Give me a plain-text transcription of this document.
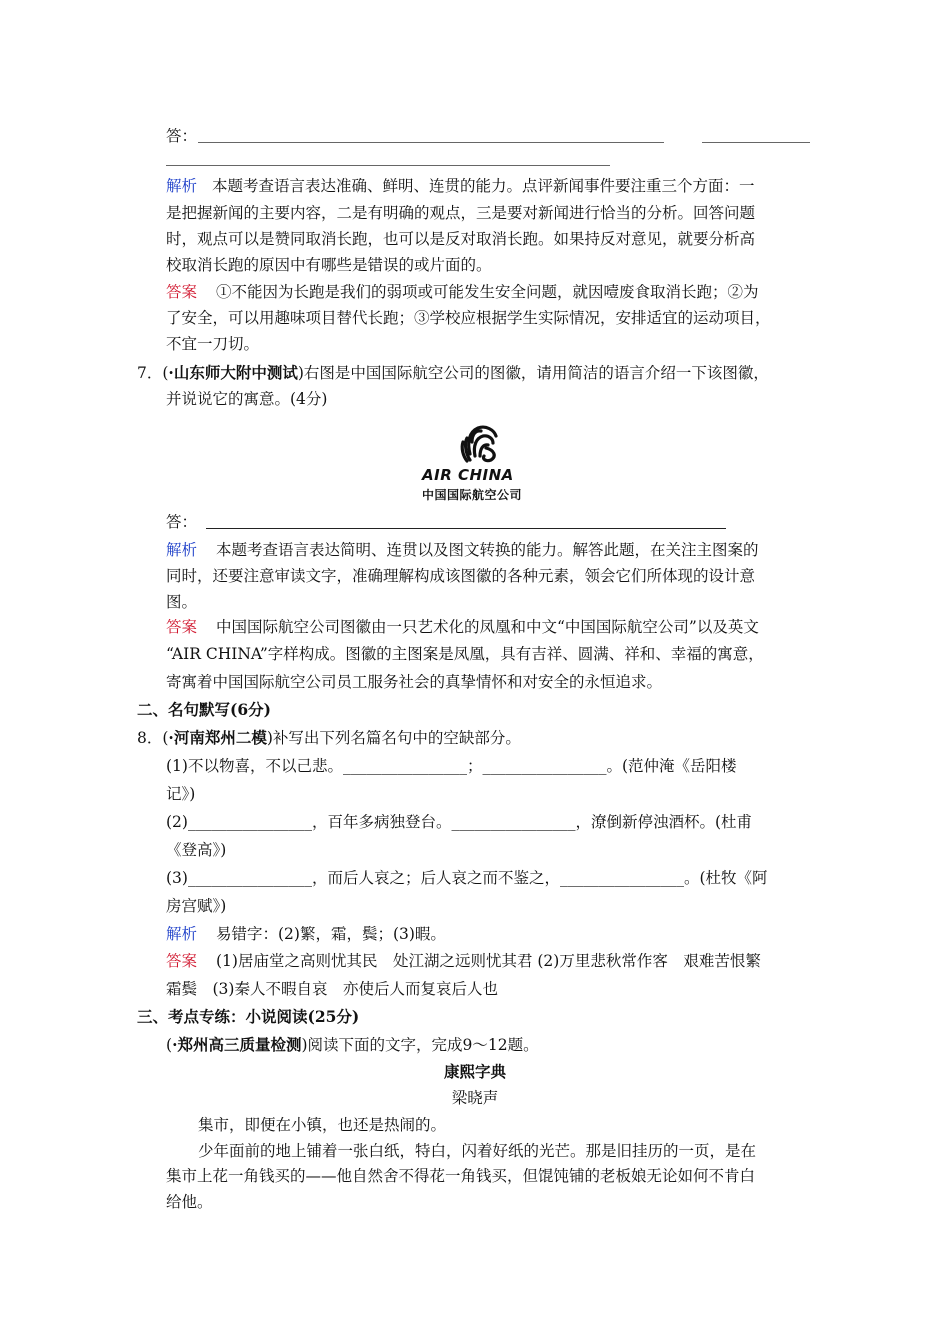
答：
解析 本题考查语言表达准确、鲜明、连贯的能力。点评新闻事件要注重三个方面：一
是把握新闻的主要内容，二是有明确的观点，三是要对新闻进行恰当的分析。回答问题
时，观点可以是赞同取消长跑，也可以是反对取消长跑。如果持反对意见，就要分析高
校取消长跑的原因中有哪些是错误的或片面的。
答案 ①不能因为长跑是我们的弱项或可能发生安全问题，就因噎废食取消长跑；②为
了安全，可以用趣味项目替代长跑；③学校应根据学生实际情况，安排适宜的运动项目，
不宜一刀切。
7．(·山东师大附中测试)右图是中国国际航空公司的图徽，请用简洁的语言介绍一下该图徽，
并说说它的寓意。(4分)
AIR CHINA
中国国际航空公司
答：
解析 本题考查语言表达简明、连贯以及图文转换的能力。解答此题，在关注主图案的
同时，还要注意审读文字，准确理解构成该图徽的各种元素，领会它们所体现的设计意
图。
答案 中国国际航空公司图徽由一只艺术化的凤凰和中文“中国国际航空公司”以及英文
“AIR CHINA”字样构成。图徽的主图案是凤凰，具有吉祥、圆满、祥和、幸福的寓意，
寄寓着中国国际航空公司员工服务社会的真挚情怀和对安全的永恒追求。
二、名句默写(6分)
8．(·河南郑州二模)补写出下列名篇名句中的空缺部分。
(1)不以物喜，不以己悲。________________；________________。(范仲淹《岳阳楼
记》)
(2)________________，百年多病独登台。________________，潦倒新停浊酒杯。(杜甫
《登高》)
(3)________________，而后人哀之；后人哀之而不鉴之，________________。(杜牧《阿
房宫赋》)
解析 易错字：(2)繁，霜，鬓；(3)暇。
答案 (1)居庙堂之高则忧其民　处江湖之远则忧其君 (2)万里悲秋常作客　艰难苦恨繁
霜鬓　(3)秦人不暇自哀　亦使后人而复哀后人也
三、考点专练：小说阅读(25分)
(·郑州高三质量检测)阅读下面的文字，完成9～12题。
康熙字典
梁晓声
集市，即便在小镇，也还是热闹的。
少年面前的地上铺着一张白纸，特白，闪着好纸的光芒。那是旧挂历的一页，是在
集市上花一角钱买的——他自然舍不得花一角钱买，但馄饨铺的老板娘无论如何不肯白
给他。
